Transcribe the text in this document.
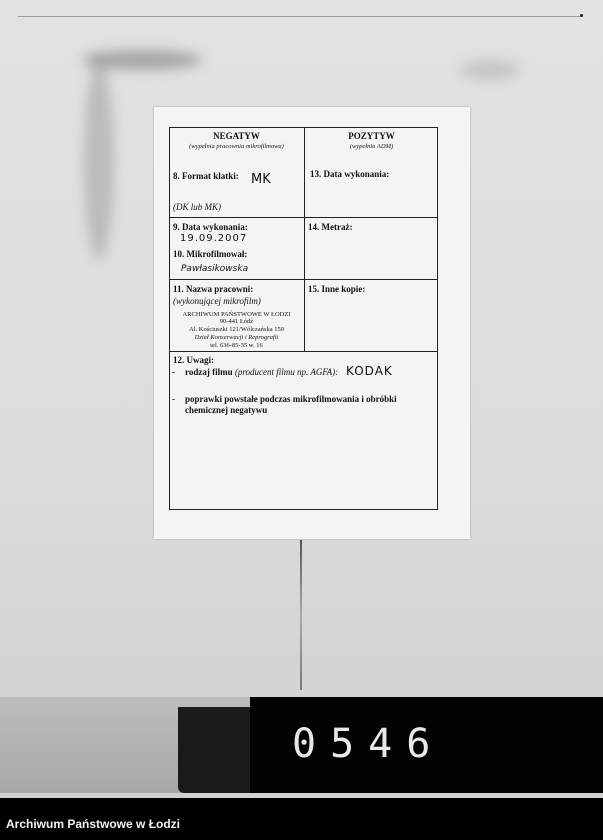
NEGATYW
(wypełnia pracownia mikrofilmowa)
POZYTYW
(wypełnia ADM)
8. Format klatki: MK
(DK lub MK)
13. Data wykonania:
9. Data wykonania:
19.09.2007
10. Mikrofilmował:
Pawłasikowska
14. Metraż:
11. Nazwa pracowni:
(wykonującej mikrofilm)
ARCHIWUM PAŃSTWOWE W ŁODZI
90-441 Łódź
Al. Kościuszki 121/Wólczańska 150
Dział Konserwacji i Reprografii
tel. 636-85-35 w. 16
15. Inne kopie:
12. Uwagi:
- rodzaj filmu (producent filmu np. AGFA): KODAK
- poprawki powstałe podczas mikrofilmowania i obróbki
chemicznej negatywu
0546
Archiwum Państwowe w Łodzi
